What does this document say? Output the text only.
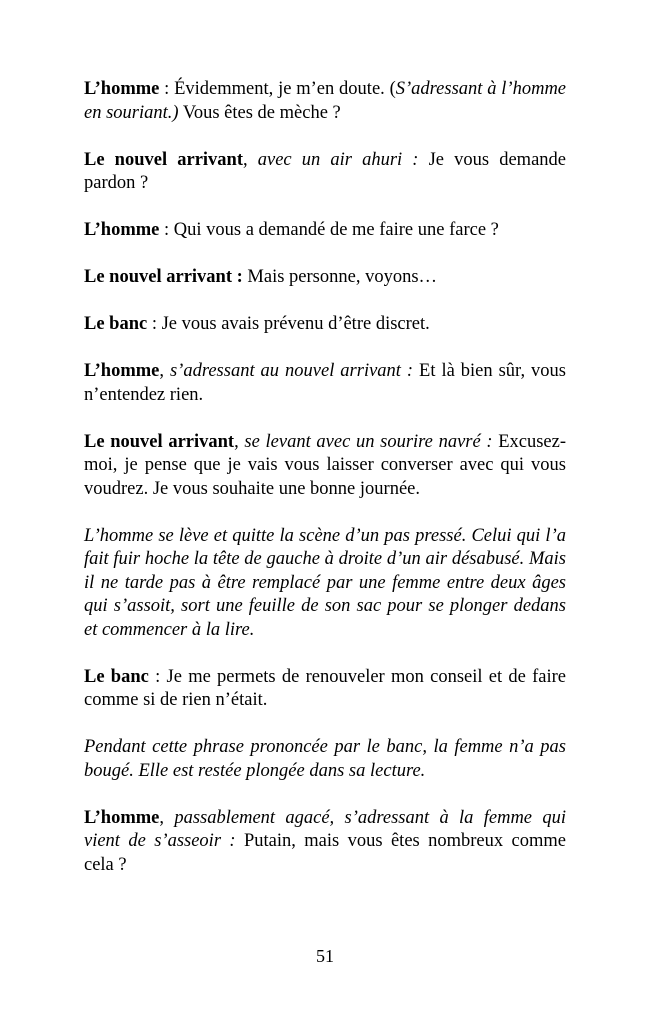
L’homme : Évidemment, je m’en doute. (S’adressant à l’homme en souriant.) Vous êtes de mèche ?

Le nouvel arrivant, avec un air ahuri : Je vous demande pardon ?

L’homme : Qui vous a demandé de me faire une farce ?

Le nouvel arrivant : Mais personne, voyons…

Le banc : Je vous avais prévenu d’être discret.

L’homme, s’adressant au nouvel arrivant : Et là bien sûr, vous n’entendez rien.

Le nouvel arrivant, se levant avec un sourire navré : Excusez-moi, je pense que je vais vous laisser converser avec qui vous voudrez. Je vous souhaite une bonne journée.

L’homme se lève et quitte la scène d’un pas pressé. Celui qui l’a fait fuir hoche la tête de gauche à droite d’un air désabusé. Mais il ne tarde pas à être remplacé par une femme entre deux âges qui s’assoit, sort une feuille de son sac pour se plonger dedans et commencer à la lire.

Le banc : Je me permets de renouveler mon conseil et de faire comme si de rien n’était.

Pendant cette phrase prononcée par le banc, la femme n’a pas bougé. Elle est restée plongée dans sa lecture.

L’homme, passablement agacé, s’adressant à la femme qui vient de s’asseoir : Putain, mais vous êtes nombreux comme cela ?

51
